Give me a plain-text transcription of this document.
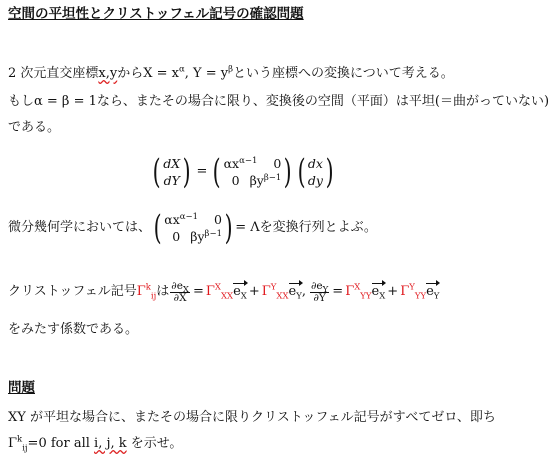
空間の平坦性とクリストッフェル記号の確認問題
2 次元直交座標x,yから$X = x^\alpha$, $Y = y^\beta$という座標への変換について考える。
もしα = β = 1なら、またその場合に限り、変換後の空間（平面）は平坦(＝曲がっていない)
である。
( dX
dY ) = ( $\alpha x^{\alpha-1}$ 0
0 $\beta y^{\beta-1}$ ) ( dx
dy )
微分幾何学においては、 ( $\alpha x^{\alpha-1}$ 0
0 $\beta y^{\beta-1}$ ) = Λを変換行列とよぶ。
クリストッフェル記号 $\Gamma^k_{ij}$ は $\frac{\partial e_X}{\partial X} = \Gamma^X_{XX}$ $e_X + \Gamma^Y_{XX}$ $e_Y$ , $\frac{\partial e_Y}{\partial Y} = \Gamma^X_{YY}$ $e_X + \Gamma^Y_{YY}$ $e_Y$
をみたす係数である。
問題
XY が平坦な場合に、またその場合に限りクリストッフェル記号がすべてゼロ、即ち
$\Gamma^k_{ij}=0$ for all i, j, k を示せ。
